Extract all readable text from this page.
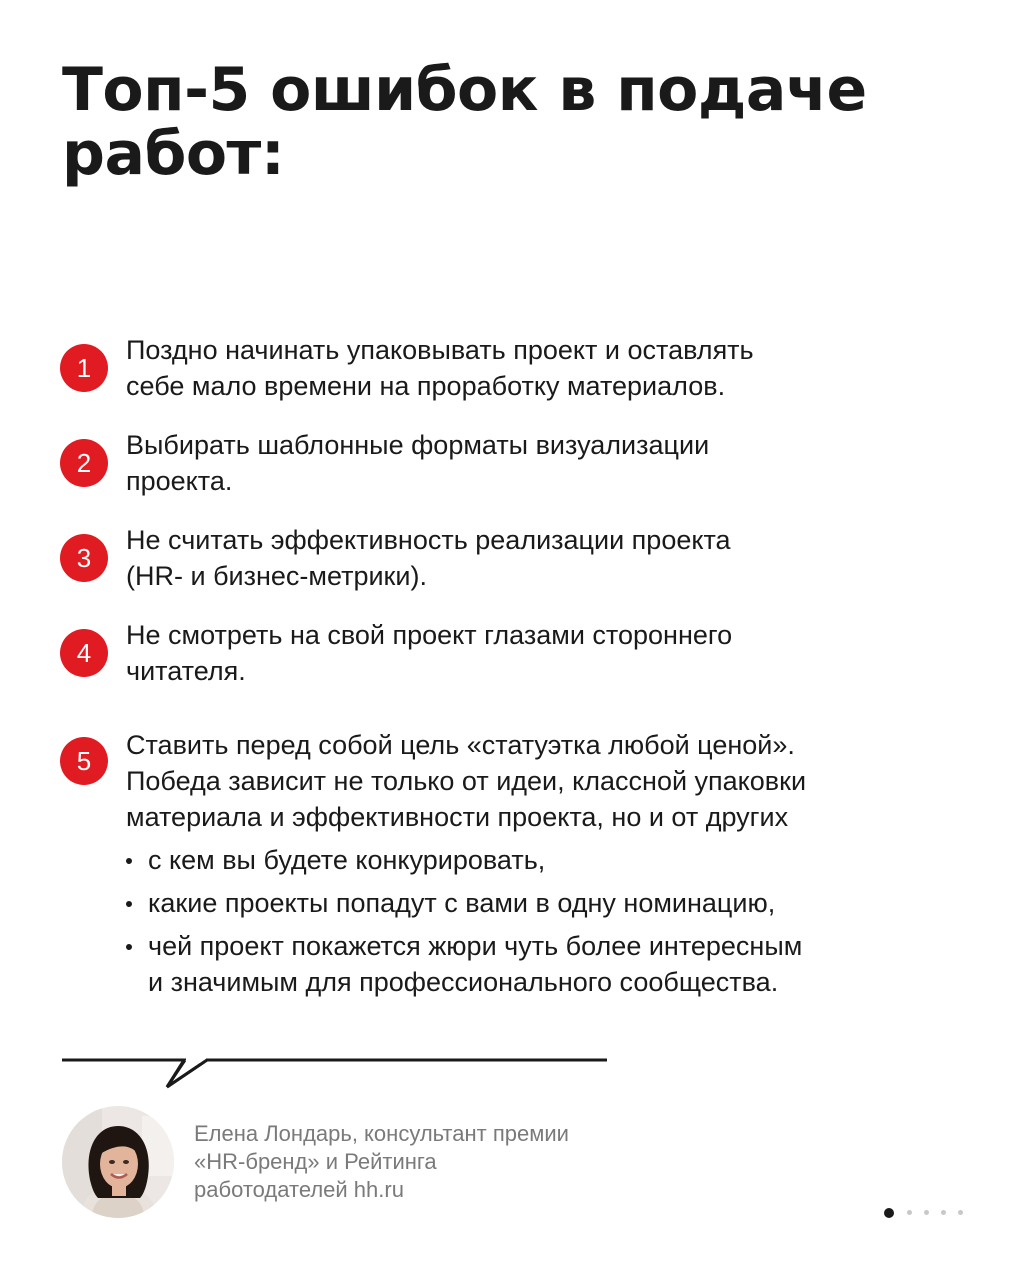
Топ-5 ошибок в подаче
работ:
1
Поздно начинать упаковывать проект и оставлять
себе мало времени на проработку материалов.
2
Выбирать шаблонные форматы визуализации
проекта.
3
Не считать эффективность реализации проекта
(HR- и бизнес-метрики).
4
Не смотреть на свой проект глазами стороннего
читателя.
5
Ставить перед собой цель «статуэтка любой ценой».
Победа зависит не только от идеи, классной упаковки
материала и эффективности проекта, но и от других
с кем вы будете конкурировать,
какие проекты попадут с вами в одну номинацию,
чей проект покажется жюри чуть более интересным
и значимым для профессионального сообщества.
Елена Лондарь, консультант премии
«HR-бренд» и Рейтинга
работодателей hh.ru
